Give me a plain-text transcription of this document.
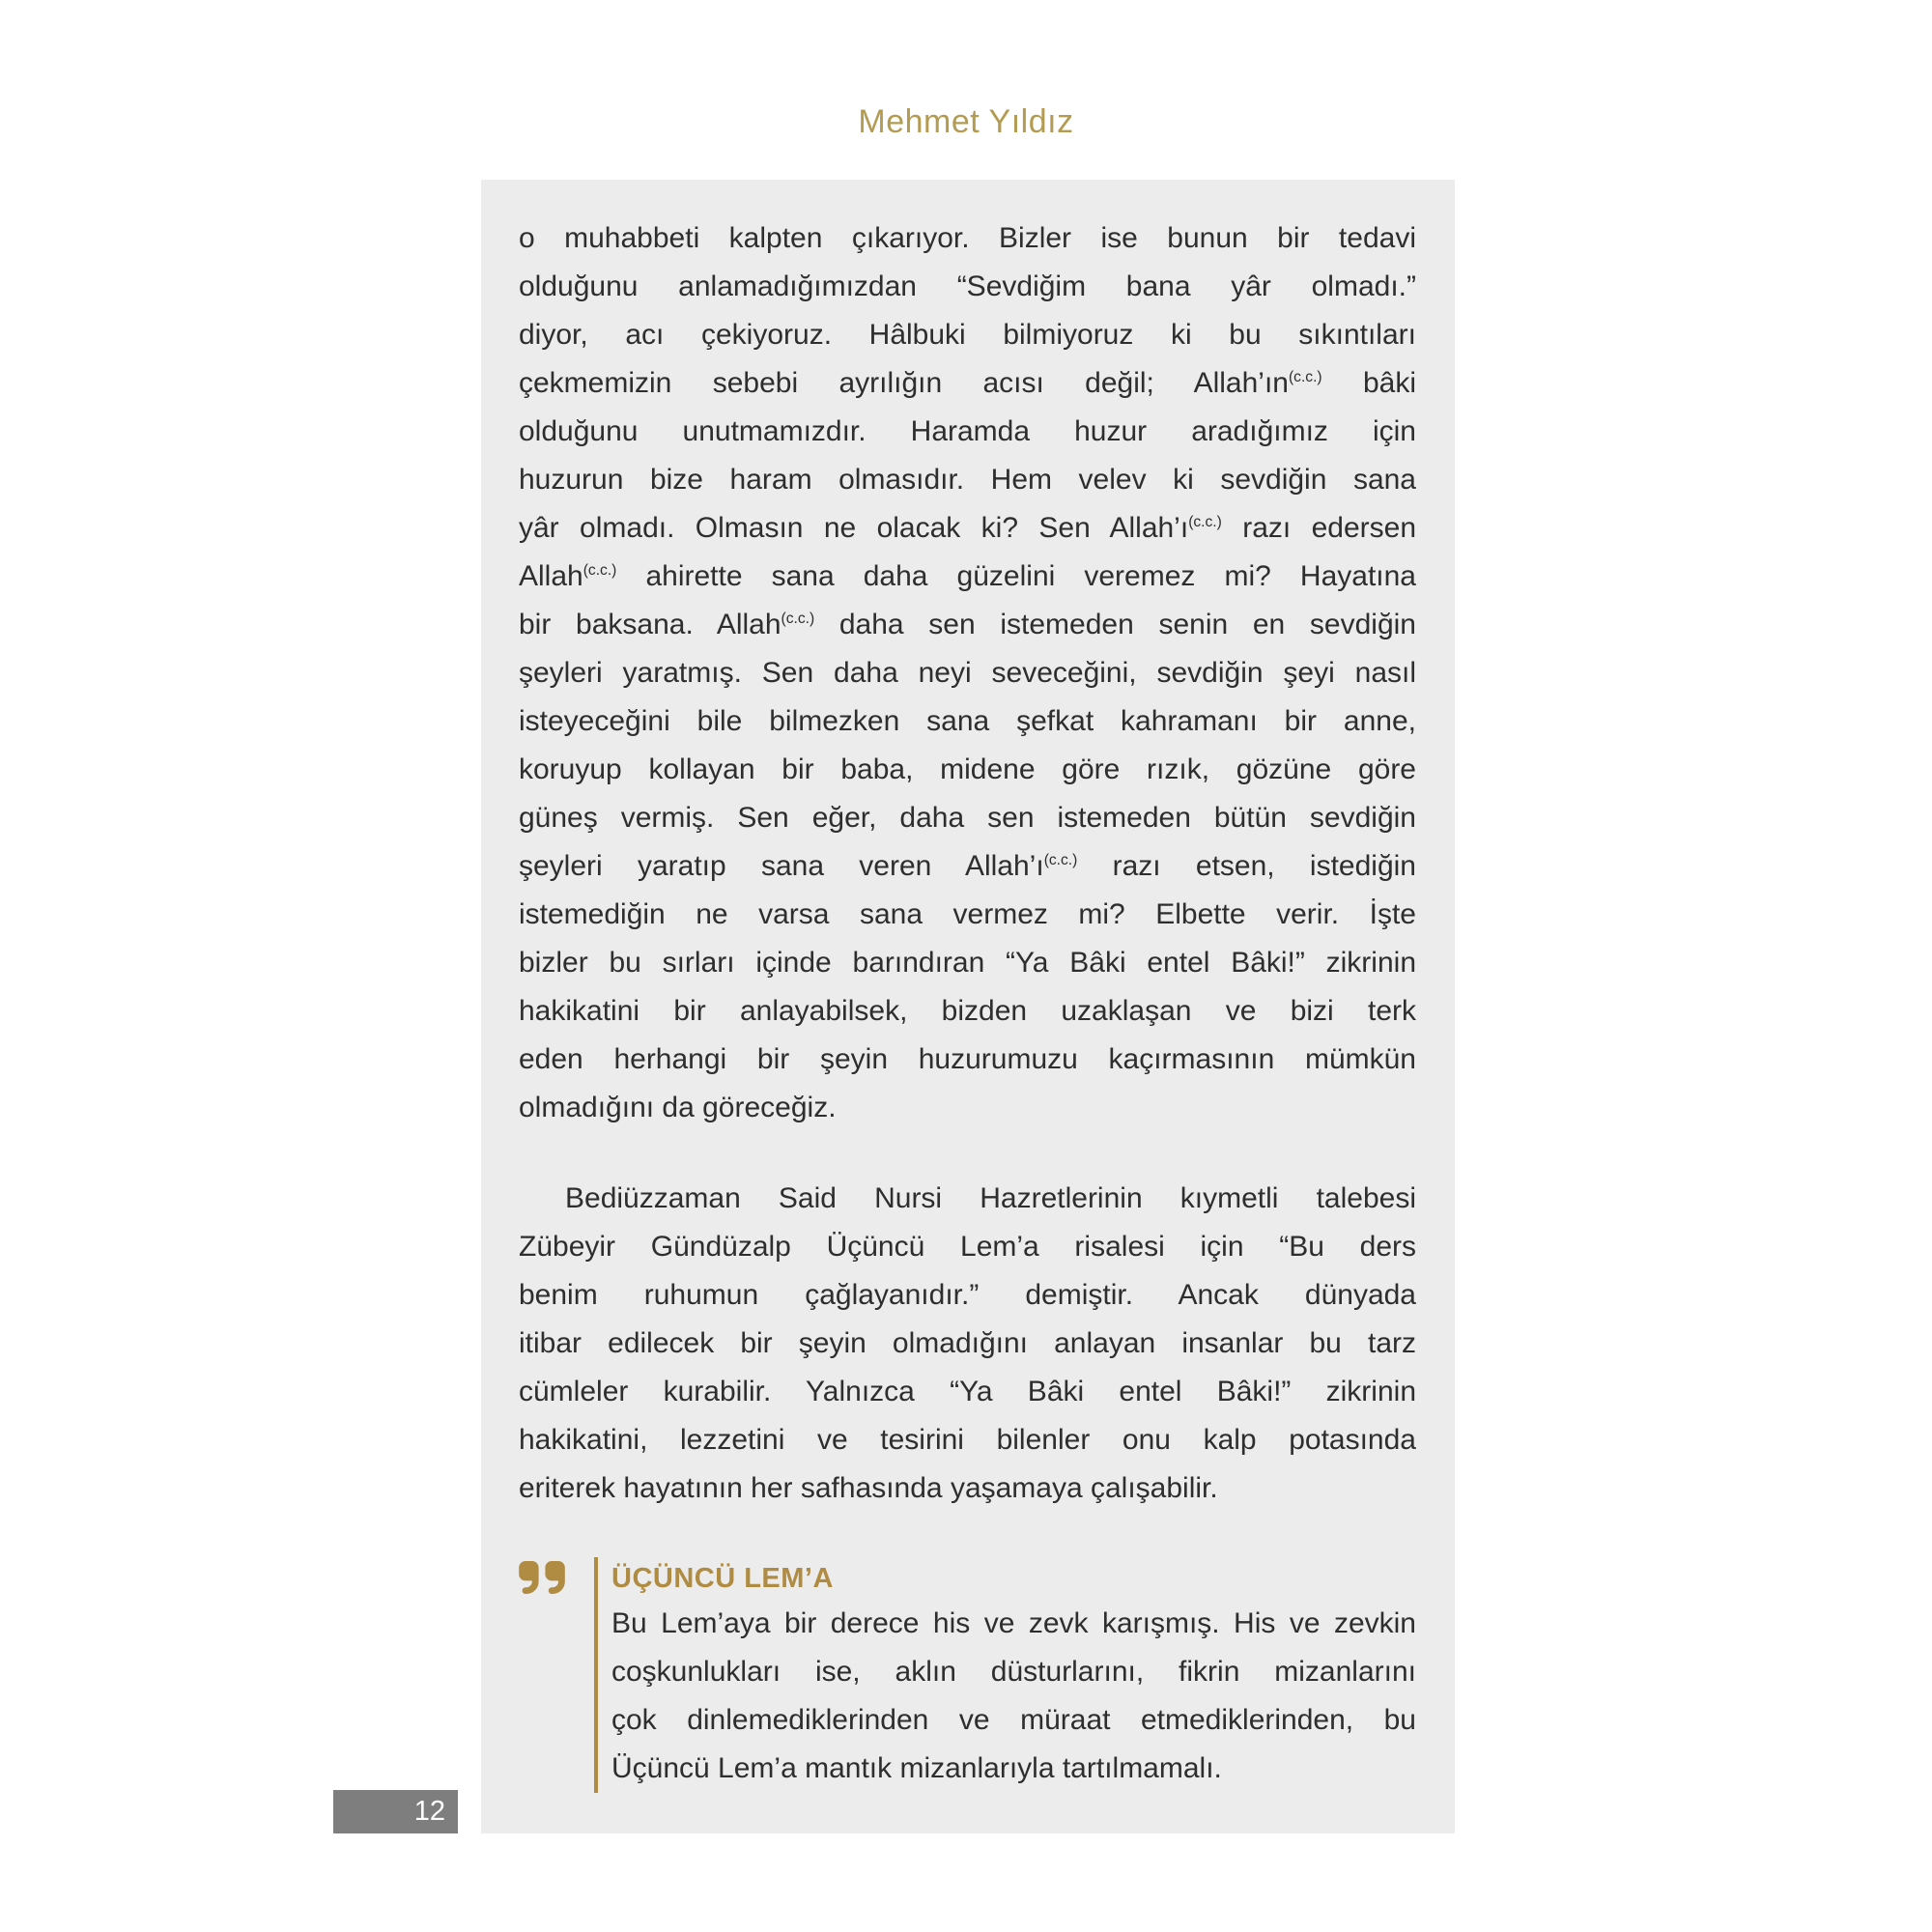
Mehmet Yıldız
o muhabbeti kalpten çıkarıyor. Bizler ise bunun bir tedavi
olduğunu anlamadığımızdan “Sevdiğim bana yâr olmadı.”
diyor, acı çekiyoruz. Hâlbuki bilmiyoruz ki bu sıkıntıları
çekmemizin sebebi ayrılığın acısı değil; $Allah’ın^{(c.c.)}$ bâki
olduğunu unutmamızdır. Haramda huzur aradığımız için
huzurun bize haram olmasıdır. Hem velev ki sevdiğin sana
yâr olmadı. Olmasın ne olacak ki? Sen $Allah’ı^{(c.c.)}$ razı edersen
Allah$^{(c.c.)}$ ahirette sana daha güzelini veremez mi? Hayatına
bir baksana. Allah$^{(c.c.)}$ daha sen istemeden senin en sevdiğin
şeyleri yaratmış. Sen daha neyi seveceğini, sevdiğin şeyi nasıl
isteyeceğini bile bilmezken sana şefkat kahramanı bir anne,
koruyup kollayan bir baba, midene göre rızık, gözüne göre
güneş vermiş. Sen eğer, daha sen istemeden bütün sevdiğin
şeyleri yaratıp sana veren $Allah’ı^{(c.c.)}$ razı etsen, istediğin
istemediğin ne varsa sana vermez mi? Elbette verir. İşte
bizler bu sırları içinde barındıran “Ya Bâki entel Bâki!” zikrinin
hakikatini bir anlayabilsek, bizden uzaklaşan ve bizi terk
eden herhangi bir şeyin huzurumuzu kaçırmasının mümkün
olmadığını da göreceğiz.
Bediüzzaman Said Nursi Hazretlerinin kıymetli talebesi
Zübeyir Gündüzalp Üçüncü Lem’a risalesi için “Bu ders
benim ruhumun çağlayanıdır.” demiştir. Ancak dünyada
itibar edilecek bir şeyin olmadığını anlayan insanlar bu tarz
cümleler kurabilir. Yalnızca “Ya Bâki entel Bâki!” zikrinin
hakikatini, lezzetini ve tesirini bilenler onu kalp potasında
eriterek hayatının her safhasında yaşamaya çalışabilir.
ÜÇÜNCÜ LEM’A
Bu Lem’aya bir derece his ve zevk karışmış. His ve zevkin
coşkunlukları ise, aklın düsturlarını, fikrin mizanlarını
çok dinlemediklerinden ve müraat etmediklerinden, bu
Üçüncü Lem’a mantık mizanlarıyla tartılmamalı.
12
